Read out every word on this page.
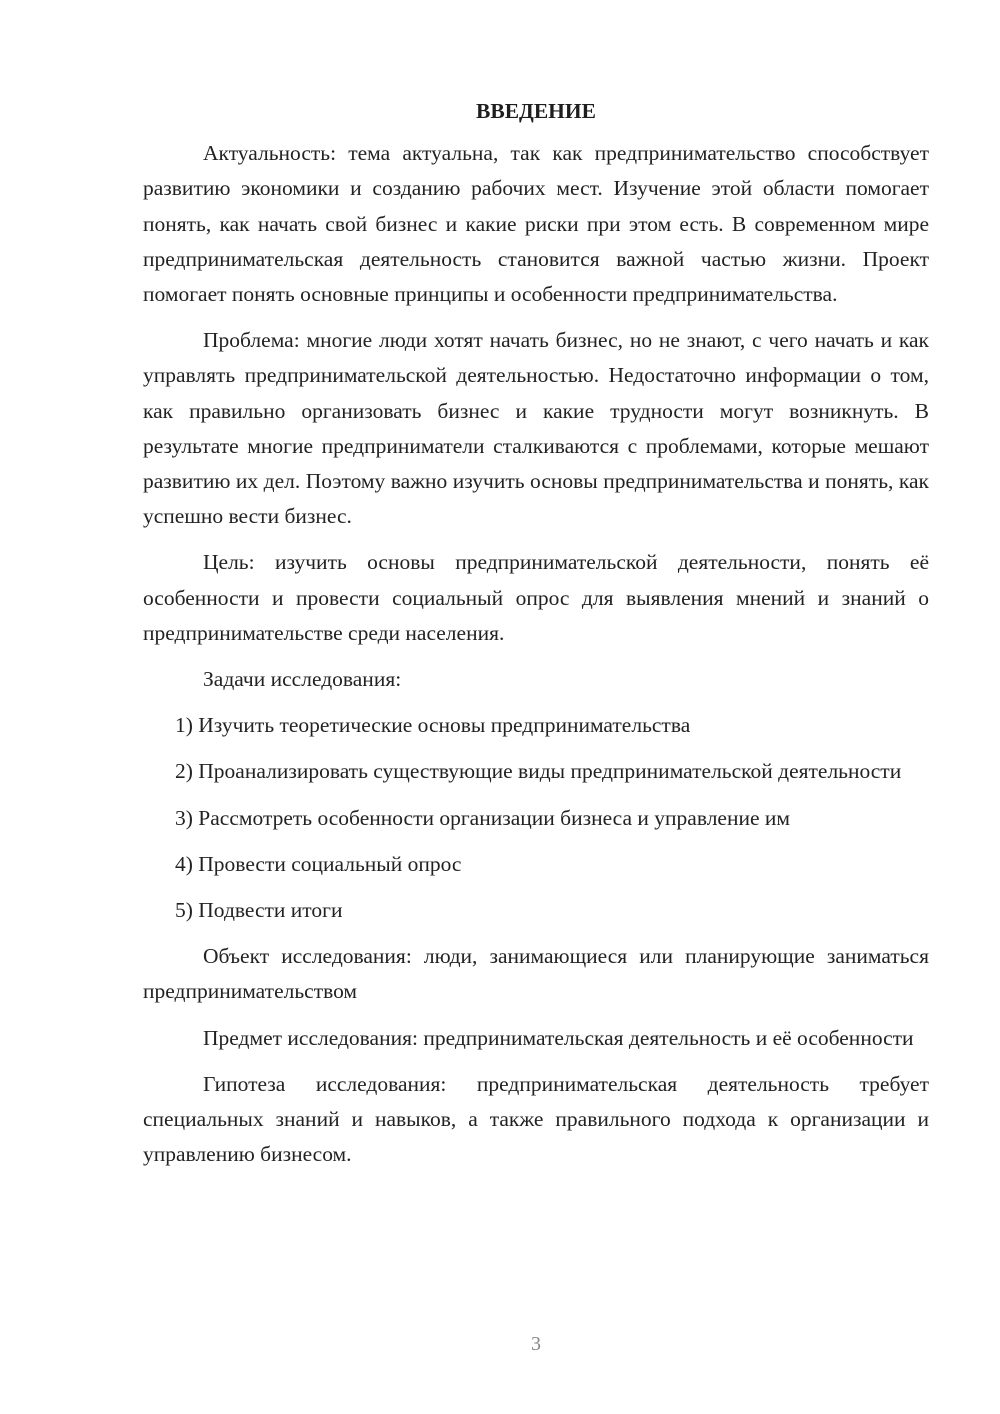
ВВЕДЕНИЕ

Актуальность: тема актуальна, так как предпринимательство способствует развитию экономики и созданию рабочих мест. Изучение этой области помогает понять, как начать свой бизнес и какие риски при этом есть. В современном мире предпринимательская деятельность становится важной частью жизни. Проект помогает понять основные принципы и особенности предпринимательства.

Проблема: многие люди хотят начать бизнес, но не знают, с чего начать и как управлять предпринимательской деятельностью. Недостаточно информации о том, как правильно организовать бизнес и какие трудности могут возникнуть. В результате многие предприниматели сталкиваются с проблемами, которые мешают развитию их дел. Поэтому важно изучить основы предпринимательства и понять, как успешно вести бизнес.

Цель: изучить основы предпринимательской деятельности, понять её особенности и провести социальный опрос для выявления мнений и знаний о предпринимательстве среди населения.

Задачи исследования:

1) Изучить теоретические основы предпринимательства

2) Проанализировать существующие виды предпринимательской деятельности

3) Рассмотреть особенности организации бизнеса и управление им

4) Провести социальный опрос

5) Подвести итоги

Объект исследования: люди, занимающиеся или планирующие заниматься предпринимательством

Предмет исследования: предпринимательская деятельность и её особенности

Гипотеза исследования: предпринимательская деятельность требует специальных знаний и навыков, а также правильного подхода к организации и управлению бизнесом.

3
